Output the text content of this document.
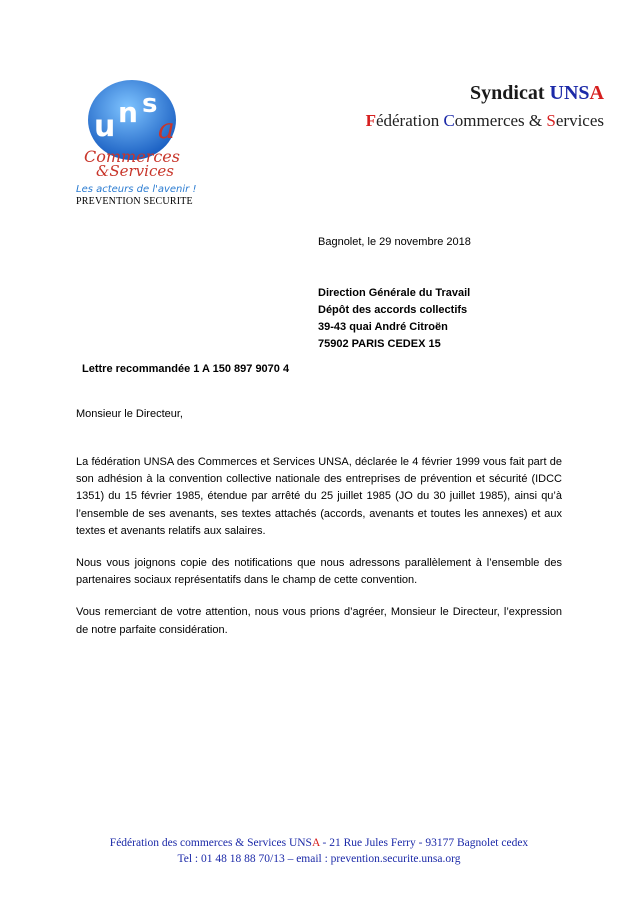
u n s
a
Commerces
&Services
Les acteurs de l'avenir !
PREVENTION SECURITE
Syndicat UNSA
Fédération Commerces & Services
Bagnolet, le 29 novembre 2018
Direction Générale du Travail
Dépôt des accords collectifs
39-43 quai André Citroën
75902 PARIS CEDEX 15
Lettre recommandée 1 A 150 897 9070 4
Monsieur le Directeur,

La fédération UNSA des Commerces et Services UNSA, déclarée le 4 février 1999 vous fait part de son adhésion à la convention collective nationale des entreprises de prévention et sécurité (IDCC 1351) du 15 février 1985, étendue par arrêté du 25 juillet 1985 (JO du 30 juillet 1985), ainsi qu’à l’ensemble de ses avenants, ses textes attachés (accords, avenants et toutes les annexes) et aux textes et avenants relatifs aux salaires.

Nous vous joignons copie des notifications que nous adressons parallèlement à l’ensemble des partenaires sociaux représentatifs dans le champ de cette convention.

Vous remerciant de votre attention, nous vous prions d’agréer, Monsieur le Directeur, l’expression de notre parfaite considération.

Fédération des commerces & Services UNSA - 21 Rue Jules Ferry - 93177 Bagnolet cedex
Tel : 01 48 18 88 70/13 – email : prevention.securite.unsa.org
